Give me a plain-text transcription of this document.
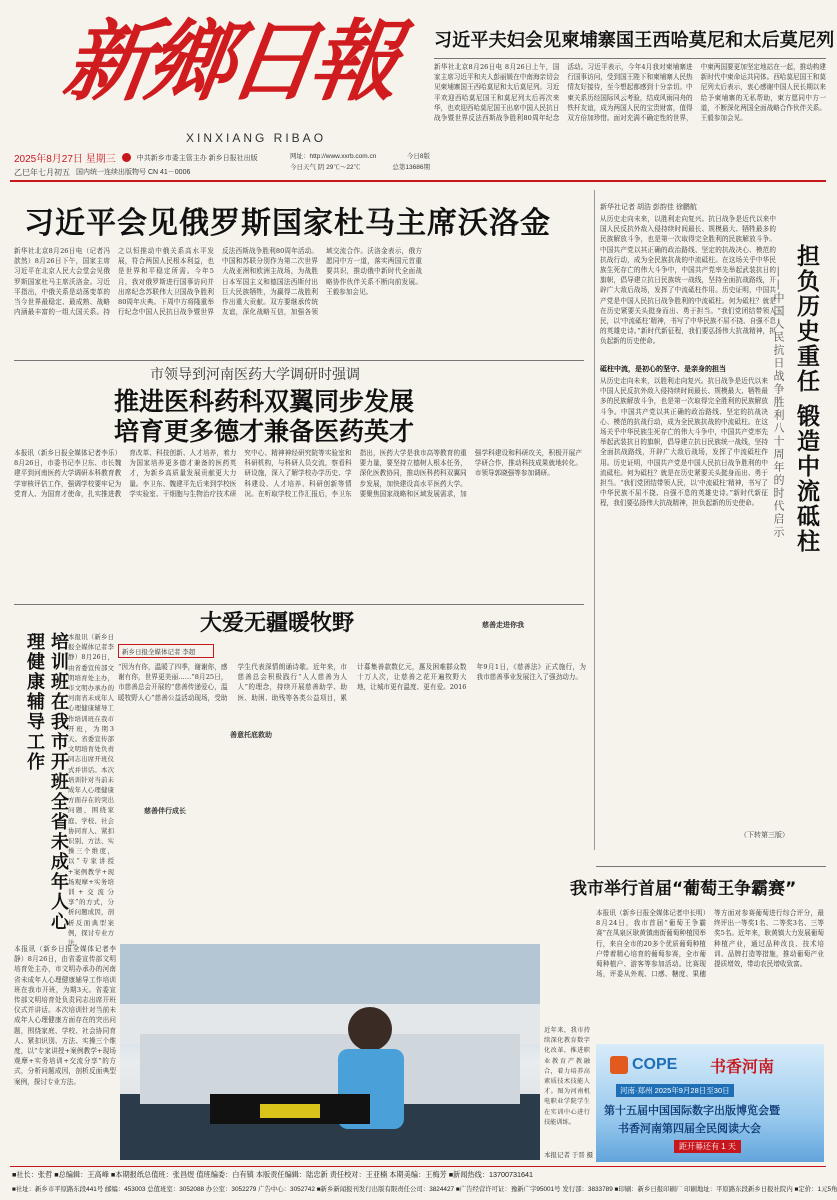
新鄉日報
XINXIANG RIBAO
2025年8月27日 星期三	中共新乡市委主管主办 新乡日报社出版
乙巳年七月初五 国内统一连续出版物号 CN 41－0006
网址：http://www.xxrb.com.cn
今日天气 阴 29℃～22℃
今日8版
总第13686期
习近平夫妇会见柬埔寨国王西哈莫尼和太后莫尼列
新华社北京8月26日电 8月26日上午，国家主席习近平和夫人彭丽媛在中南海亲切会见柬埔寨国王西哈莫尼和太后莫尼列。习近平欢迎西哈莫尼国王和莫尼列太后再次来华，也欢迎西哈莫尼国王出席中国人民抗日战争暨世界反法西斯战争胜利80周年纪念活动。习近平表示，今年4月我对柬埔寨进行国事访问，受到国王陛下和柬埔寨人民热情友好接待，至今想起都感到十分亲切。中柬关系历经国际风云考验，结成风雨同舟的铁杆友谊，成为两国人民的宝贵财富，值得双方倍加珍惜。面对充满不确定性的世界，中柬两国要更加坚定地站在一起，推动构建新时代中柬命运共同体。西哈莫尼国王和莫尼列太后表示，衷心感谢中国人民长期以来给予柬埔寨的无私帮助，柬方愿同中方一道，不断深化两国全面战略合作伙伴关系。王毅参加会见。
习近平会见俄罗斯国家杜马主席沃洛金
新华社北京8月26日电（记者冯歆然）8月26日下午，国家主席习近平在北京人民大会堂会见俄罗斯国家杜马主席沃洛金。习近平指出，中俄关系是动荡变革的当今世界最稳定、最成熟、战略内涵最丰富的一组大国关系。持之以恒推动中俄关系高水平发展，符合两国人民根本利益，也是世界和平稳定所需。今年5月，我对俄罗斯进行国事访问并出席纪念苏联伟大卫国战争胜利80周年庆典。下周中方将隆重举行纪念中国人民抗日战争暨世界反法西斯战争胜利80周年活动。中国和苏联分别作为第二次世界大战亚洲和欧洲主战场，为战胜日本军国主义和德国法西斯付出巨大民族牺牲，为赢得二战胜利作出重大贡献。双方要继承传统友谊，深化战略互信，加强各领域交流合作。沃洛金表示，俄方愿同中方一道，落实两国元首重要共识，推动俄中新时代全面战略协作伙伴关系不断向前发展。王毅参加会见。
市领导到河南医药大学调研时强调
推进医科药科双翼同步发展
培育更多德才兼备医药英才
本报讯（新乡日报全媒体记者李乐）8月26日，市委书记李卫东、市长魏建平到河南医药大学调研本科教育教学审核评估工作，强调学校要牢记为党育人、为国育才使命，扎实推进教育改革、科技创新、人才培养，着力为国家培养更多德才兼备的医药英才，为新乡高质量发展贡献更大力量。李卫东、魏建平先后来到学校医学实验室、干细胞与生物治疗技术研究中心、精神神经研究院等实验室和科研机构，与科研人员交流，察看科研设施，深入了解学校办学历史、学科建设、人才培养、科研创新等情况。在听取学校工作汇报后，李卫东指出，医药大学是我市高等教育的重要力量，要坚持立德树人根本任务，深化医教协同，推动医科药科双翼同步发展，加快建设高水平医药大学。要聚焦国家战略和区域发展需求，加强学科建设和科研攻关，积极开展产学研合作，推动科技成果就地转化。市领导郭晓强等参加调研。
新华社记者 胡浩 彭韵佳 徐鹏航
从历史走向未来，以胜利走向复兴。抗日战争是近代以来中国人民反抗外敌入侵持续时间最长、规模最大、牺牲最多的民族解放斗争，也是第一次取得完全胜利的民族解放斗争。中国共产党以其正确的政治路线、坚定的抗战决心、模范的抗战行动，成为全民族抗战的中流砥柱。在这场关乎中华民族生死存亡的伟大斗争中，中国共产党率先举起武装抗日的旗帜，倡导建立抗日民族统一战线，坚持全面抗战路线，开辟广大敌后战场，发挥了中流砥柱作用。历史证明，中国共产党是中国人民抗日战争胜利的中流砥柱。何为砥柱？就是在历史紧要关头挺身而出、勇于担当。“我们党团结带领人民，以‘中流砥柱’精神，书写了中华民族不屈不挠、自强不息的英雄史诗。”新时代新征程，我们要弘扬伟大抗战精神，担负起新的历史使命。	担负历史重任 锻造中流砥柱
——中国人民抗日战争胜利八十周年的时代启示
砥柱中流，是初心的坚守、是亲身的担当
从历史走向未来，以胜利走向复兴。抗日战争是近代以来中国人民反抗外敌入侵持续时间最长、规模最大、牺牲最多的民族解放斗争，也是第一次取得完全胜利的民族解放斗争。中国共产党以其正确的政治路线、坚定的抗战决心、模范的抗战行动，成为全民族抗战的中流砥柱。在这场关乎中华民族生死存亡的伟大斗争中，中国共产党率先举起武装抗日的旗帜，倡导建立抗日民族统一战线，坚持全面抗战路线，开辟广大敌后战场，发挥了中流砥柱作用。历史证明，中国共产党是中国人民抗日战争胜利的中流砥柱。何为砥柱？就是在历史紧要关头挺身而出、勇于担当。“我们党团结带领人民，以‘中流砥柱’精神，书写了中华民族不屈不挠、自强不息的英雄史诗。”新时代新征程，我们要弘扬伟大抗战精神，担负起新的历史使命。
（下转第三版）
大爱无疆暖牧野
新乡日报全媒体记者 李超
“因为有你，温暖了四季，谢谢你，感谢有你，世界更美丽……”8月25日，市慈善总会开展的“慈善传递爱心，温暖牧野人心”慈善公益活动现场，受助学生代表深情朗诵诗歌。近年来，市慈善总会积极践行“人人慈善为人人”的理念，持续开展慈善助学、助医、助困、助残等各类公益项目，累计募集善款数亿元，惠及困难群众数十万人次，让慈善之花开遍牧野大地，让城市更有温度、更有爱。2016年9月1日，《慈善法》正式施行，为我市慈善事业发展注入了强劲动力。
善意托底救助
慈善伴行成长
慈善走进你我
培训班在我市开班全省未成年人心理健康辅导工作	本报讯（新乡日报全媒体记者李静）8月26日，由省委宣传部文明培育处主办，市文明办承办的河南省未成年人心理健康辅导工作培训班在我市开班，为期3天。省委宣传部文明培育处负责同志出席开班仪式并讲话。本次培训针对当前未成年人心理健康方面存在的突出问题，围绕家庭、学校、社会协同育人、紧扣识别、方法、实操三个维度，以“专家讲授+案例教学+现场观摩+实务培训+交流分享”的方式，分析问题成因，剖析反面典型案例，探讨专业方法。
本报讯（新乡日报全媒体记者李静）8月26日，由省委宣传部文明培育处主办，市文明办承办的河南省未成年人心理健康辅导工作培训班在我市开班，为期3天。省委宣传部文明培育处负责同志出席开班仪式并讲话。本次培训针对当前未成年人心理健康方面存在的突出问题，围绕家庭、学校、社会协同育人、紧扣识别、方法、实操三个维度，以“专家讲授+案例教学+现场观摩+实务培训+交流分享”的方式，分析问题成因，剖析反面典型案例，探讨专业方法。
近年来，我市持续深化教育数字化改革，推进职业教育产教融合，着力培养高素质技术技能人才。图为河南机电职业学院学生在实训中心进行技能训练。
本报记者 于晋 摄
我市举行首届“葡萄王争霸赛”
本报讯（新乡日报全媒体记者申长明）8月24日，我市首届“葡萄王争霸赛”在凤泉区耿黄镇南街葡萄种植园举行，来自全市的20多个优质葡萄种植户带着精心培育的葡萄参赛，全市葡萄种植户、游客等参加活动。比赛现场，评委从外观、口感、糖度、果穗等方面对参赛葡萄进行综合评分，最终评出一等奖1名、二等奖3名、三等奖5名。近年来，耿黄镇大力发展葡萄种植产业，通过品种改良、技术培训、品牌打造等措施，推动葡萄产业提质增效，带动农民增收致富。
COPE 书香河南
河南·郑州 2025年9月28日至30日
第十五届中国国际数字出版博览会暨
书香河南第四届全民阅读大会
距开幕还有 1 天
■社长：张哲 ■总编辑：王高峰 ■本期报纸总值班：张昌煜 值班编委：白有镇 本版责任编辑：陆忠新 责任校对：王亚楠 本期美编：王梅芳 ■新闻热线：13700731641
■社址：新乡市平原路东段441号 邮编：453003 总值班室：3052088 办公室：3052279 广告中心：3052742 ■新乡新闻报刊发行出版有限责任公司：3824427 ■广告经营许可证：豫新广字95001号 发行部：3833789 ■印刷：新乡日报印刷厂 印刷地址：平原路东段新乡日报社院内 ■定价：1元5角
